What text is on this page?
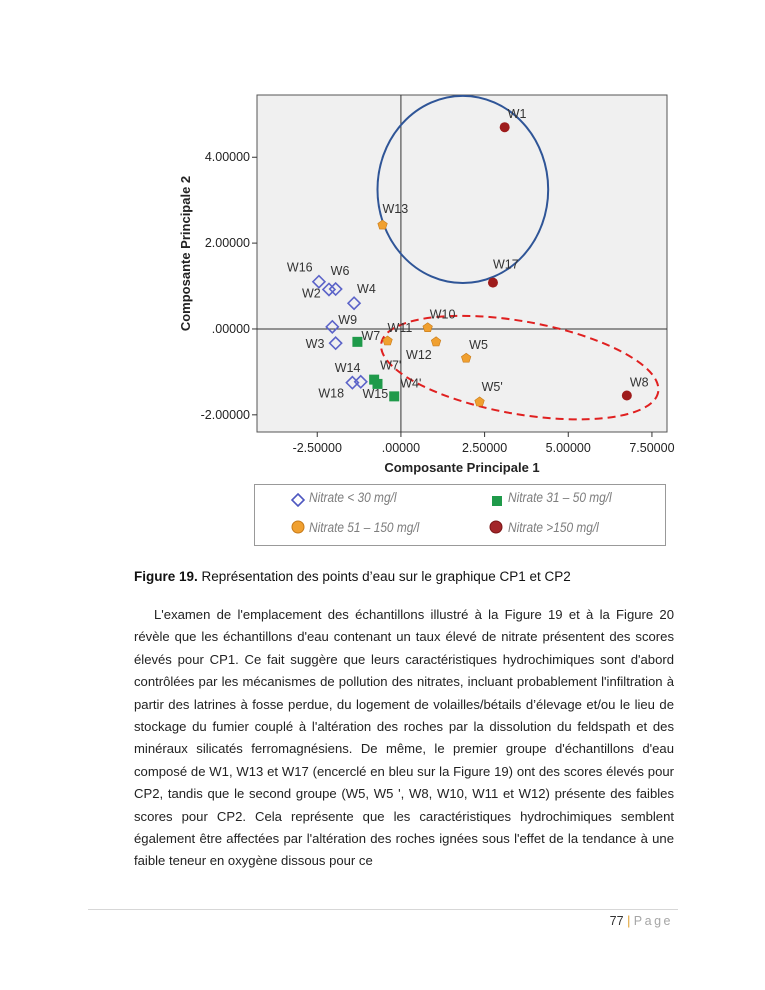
-2.50000	.00000	2.50000	5.00000	7.50000
-2.00000
.00000
2.00000
4.00000
Composante Principale 1
Composante Principale 2	W16 W6
W2	W4
W9
W3
W14
W18
W7
W7'
W15
W4'
W13
W10
W11
W12
W5
W5'
W1
W17
W8
Nitrate < 30 mg/l	Nitrate 31 – 50 mg/l
Nitrate 51 – 150 mg/l	Nitrate >150 mg/l
Figure 19. Représentation des points d’eau sur le graphique CP1 et CP2
L'examen de l'emplacement des échantillons illustré à la Figure 19 et à la Figure 20 révèle que les échantillons d'eau contenant un taux élevé de nitrate présentent des scores élevés pour CP1. Ce fait suggère que leurs caractéristiques hydrochimiques sont d'abord contrôlées par les mécanismes de pollution des nitrates, incluant probablement l'infiltration à partir des latrines à fosse perdue, du logement de volailles/bétails d’élevage et/ou le lieu de stockage du fumier couplé à l'altération des roches par la dissolution du feldspath et des minéraux silicatés ferromagnésiens. De même, le premier groupe d'échantillons d'eau composé de W1, W13 et W17 (encerclé en bleu sur la Figure 19) ont des scores élevés pour CP2, tandis que le second groupe (W5, W5 ', W8, W10, W11 et W12) présente des faibles scores pour CP2. Cela représente que les caractéristiques hydrochimiques semblent également être affectées par l'altération des roches ignées sous l'effet de la tendance à une faible teneur en oxygène dissous pour ce
77 | Page
